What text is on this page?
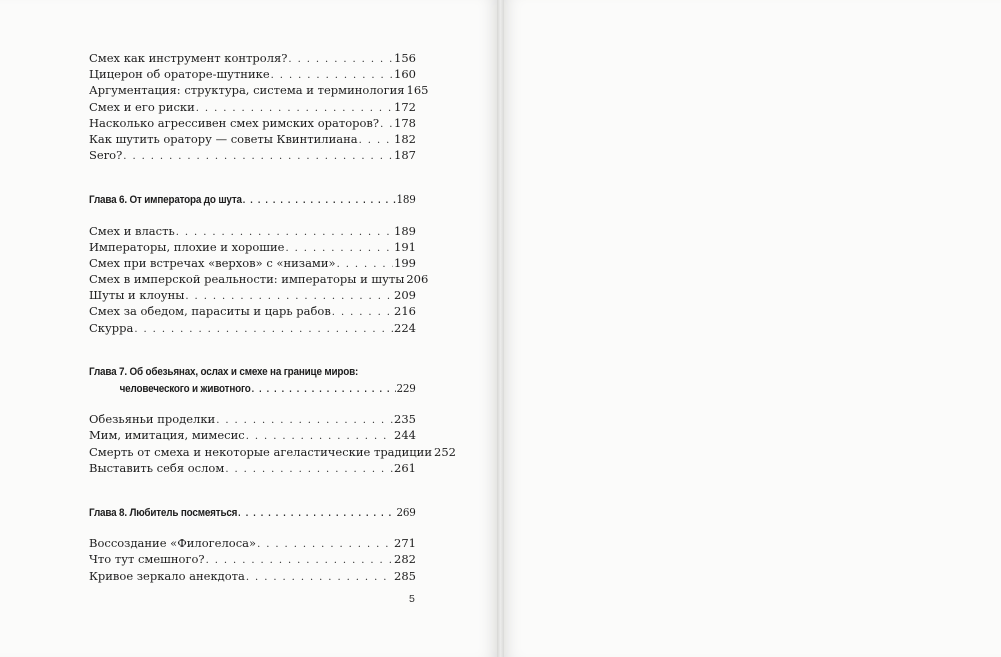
Смех как инструмент контроля? . . .	156
Цицерон об ораторе-шутнике . . .	160
Аргументация: структура, система и терминология 165
Смех и его риски . . .	172
Насколько агрессивен смех римских ораторов? . . . 178
Как шутить оратору — советы Квинтилиана . . .	182
Sero? . . .	187
Глава 6. От императора до шута . . .	189
Смех и власть . . .	189
Императоры, плохие и хорошие . . .	191
Смех при встречах «верхов» с «низами» . . .	199
Смех в имперской реальности: императоры и шуты 206
Шуты и клоуны . . .	209
Смех за обедом, параситы и царь рабов . . .	216
Скурра . . .	224
Глава 7. Об обезьянах, ослах и смехе на границе миров:
человеческого и животного . . .	229
Обезьяньи проделки . . .	235
Мим, имитация, мимесис . . .	244
Смерть от смеха и некоторые агеластические традиции 252
Выставить себя ослом . . .	261
Глава 8. Любитель посмеяться . . .	269
Воссоздание «Филогелоса» . . .	271
Что тут смешного? . . .	282
Кривое зеркало анекдота . . .	285
5
